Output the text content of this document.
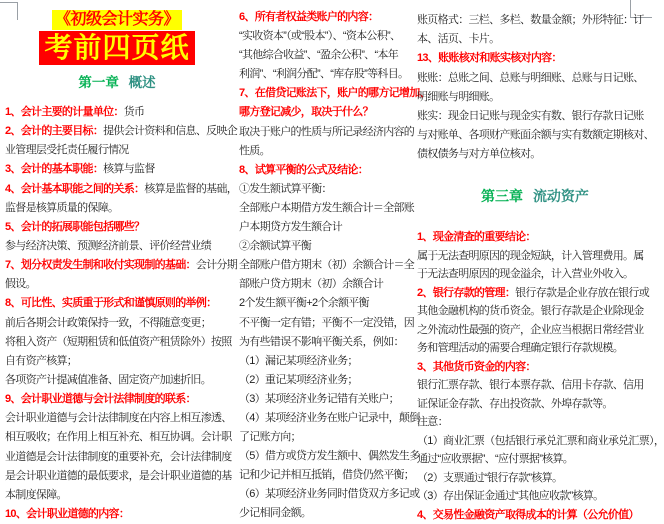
《初级会计实务》
考前四页纸
第一章 概述
1、会计主要的计量单位：货币
2、会计的主要目标：提供会计资料和信息、反映企
业管理层受托责任履行情况
3、会计的基本职能：核算与监督
4、会计基本职能之间的关系：核算是监督的基础，
监督是核算质量的保障。
5、会计的拓展职能包括哪些？
参与经济决策、预测经济前景、评价经营业绩
7、划分权责发生制和收付实现制的基础：会计分期
假设。
8、可比性、实质重于形式和谨慎原则的举例：
前后各期会计政策保持一致，不得随意变更；
将租入资产（短期租赁和低值资产租赁除外）按照
自有资产核算；
各项资产计提减值准备、固定资产加速折旧。
9、会计职业道德与会计法律制度的联系：
会计职业道德与会计法律制度在内容上相互渗透、
相互吸收；在作用上相互补充、相互协调。会计职
业道德是会计法律制度的重要补充，会计法律制度
是会计职业道德的最低要求，是会计职业道德的基
本制度保障。
10、会计职业道德的内容：
6、所有者权益类账户的内容：
“实收资本”（或“股本”）、“资本公积”、
“其他综合收益”、“盈余公积”、“本年
利润”、“利润分配”、“库存股”等科目。
7、在借贷记账法下，账户的哪方记增加、
哪方登记减少，取决于什么？
取决于账户的性质与所记录经济内容的
性质。
8、试算平衡的公式及结论：
①发生额试算平衡：
全部账户本期借方发生额合计＝全部账
户本期贷方发生额合计
②余额试算平衡
全部账户借方期末（初）余额合计＝全
部账户贷方期末（初）余额合计
2个发生额平衡+2个余额平衡
不平衡一定有错；平衡不一定没错，因
为有些错误不影响平衡关系，例如：
（1）漏记某项经济业务；
（2）重记某项经济业务；
（3）某项经济业务记错有关账户；
（4）某项经济业务在账户记录中，颠倒
了记账方向；
（5）借方或贷方发生额中、偶然发生多
记和少记并相互抵销，借贷仍然平衡；
（6）某项经济业务同时借贷双方多记或
少记相同金额。
账页格式：三栏、多栏、数量金额；外形特征：订
本、活页、卡片。
13、账账核对和账实核对内容：
账账：总账之间、总账与明细账、总账与日记账、
明细账与明细账。
账实：现金日记账与现金实有数、银行存款日记账
与对账单、各项财产账面余额与实有数额定期核对、
债权债务与对方单位核对。
第三章 流动资产
1、现金清查的重要结论：
属于无法查明原因的现金短缺，计入管理费用。属
于无法查明原因的现金溢余，计入营业外收入。
2、银行存款的管理：银行存款是企业存放在银行或
其他金融机构的货币资金。银行存款是企业除现金
之外流动性最强的资产，企业应当根据日常经营业
务和管理活动的需要合理确定银行存款规模。
3、其他货币资金的内容：
银行汇票存款、银行本票存款、信用卡存款、信用
证保证金存款、存出投资款、外埠存款等。
注意：
（1）商业汇票（包括银行承兑汇票和商业承兑汇票），
通过“应收票据”、“应付票据”核算。
（2）支票通过“银行存款”核算。
（3）存出保证金通过“其他应收款”核算。
4、交易性金融资产取得成本的计算（公允价值）
